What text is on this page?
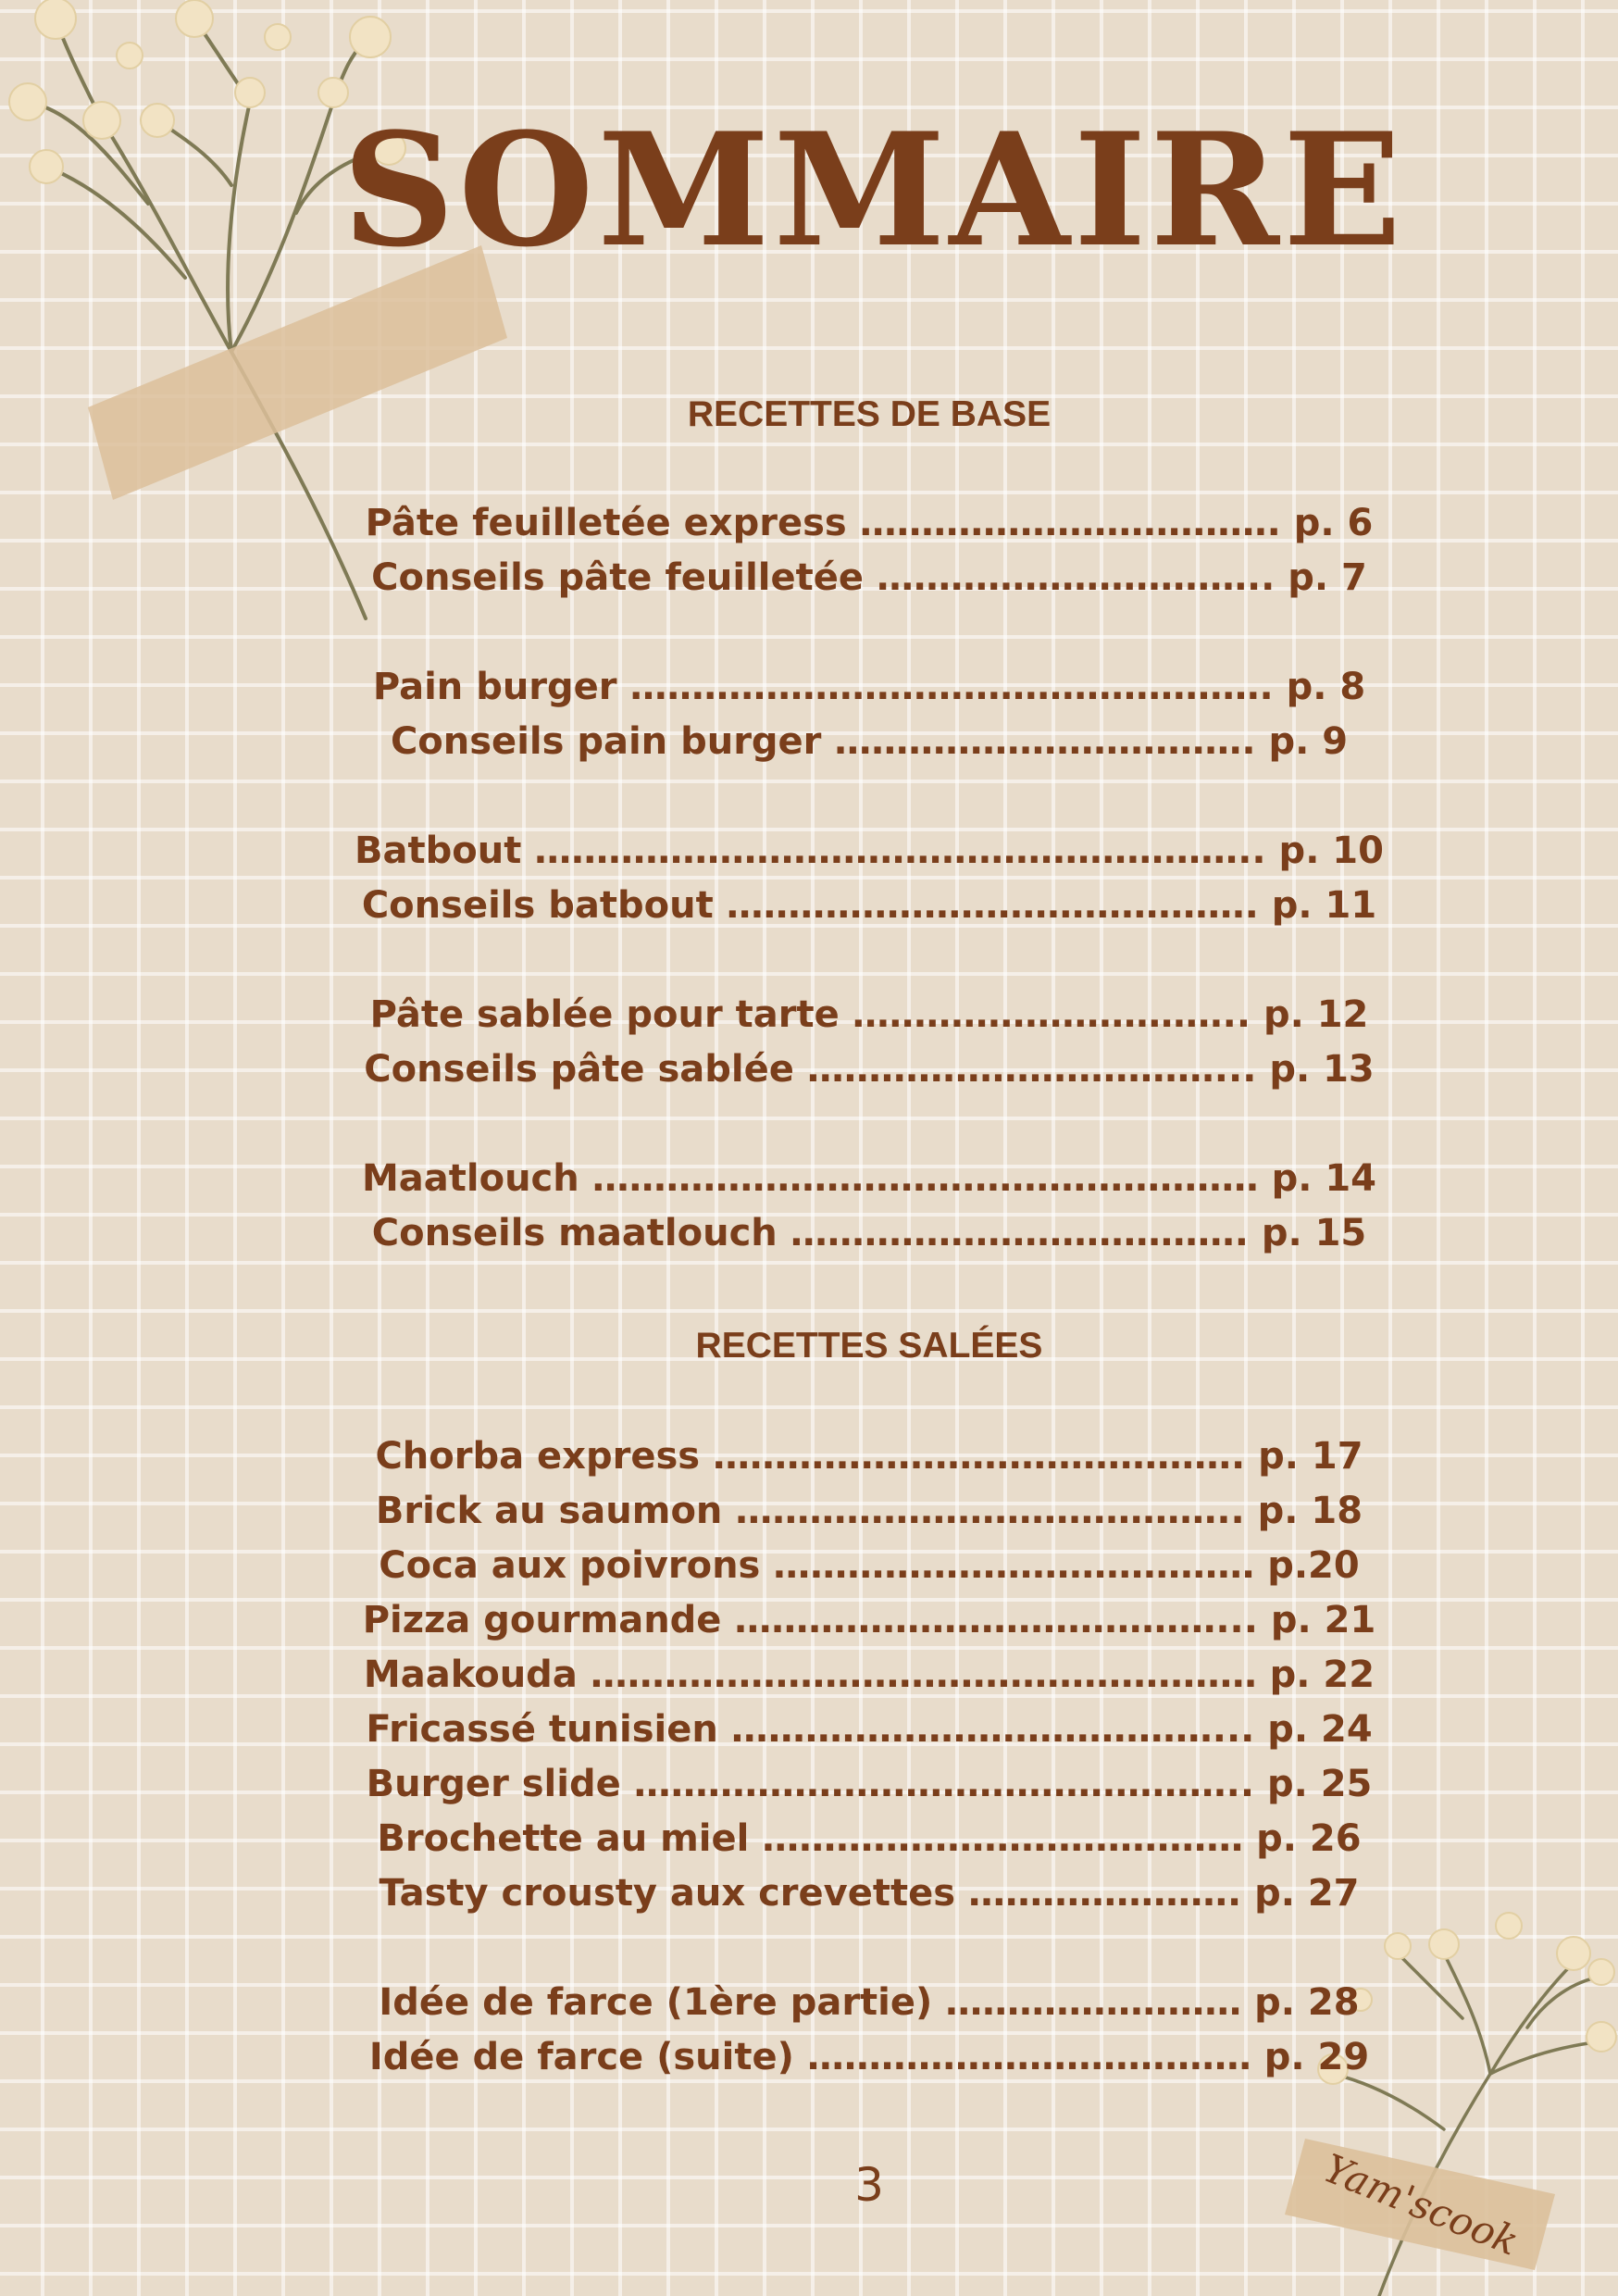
Yam'scook
SOMMAIRE
RECETTES DE BASE
Pâte feuilletée express ……………………………. p. 6
Conseils pâte feuilletée ………………………….. p. 7
Pain burger ……………………………………………. p. 8
Conseils pain burger ……………………………. p. 9
Batbout ………………………………………………….. p. 10
Conseils batbout ……………………………………. p. 11
Pâte sablée pour tarte ………………………….. p. 12
Conseils pâte sablée ……………………………... p. 13
Maatlouch ……………………………………………… p. 14
Conseils maatlouch ………………………………. p. 15
RECETTES SALÉES
Chorba express ……………………………………. p. 17
Brick au saumon ………………………………….. p. 18
Coca aux poivrons ………………………………… p.20
Pizza gourmande …………………………………... p. 21
Maakouda ……………………………………………… p. 22
Fricassé tunisien …………………………………... p. 24
Burger slide ………………………………………….. p. 25
Brochette au miel ………………………………… p. 26
Tasty crousty aux crevettes …………………. p. 27
Idée de farce (1ère partie) …………………… p. 28
Idée de farce (suite) ……………………………… p. 29
3
